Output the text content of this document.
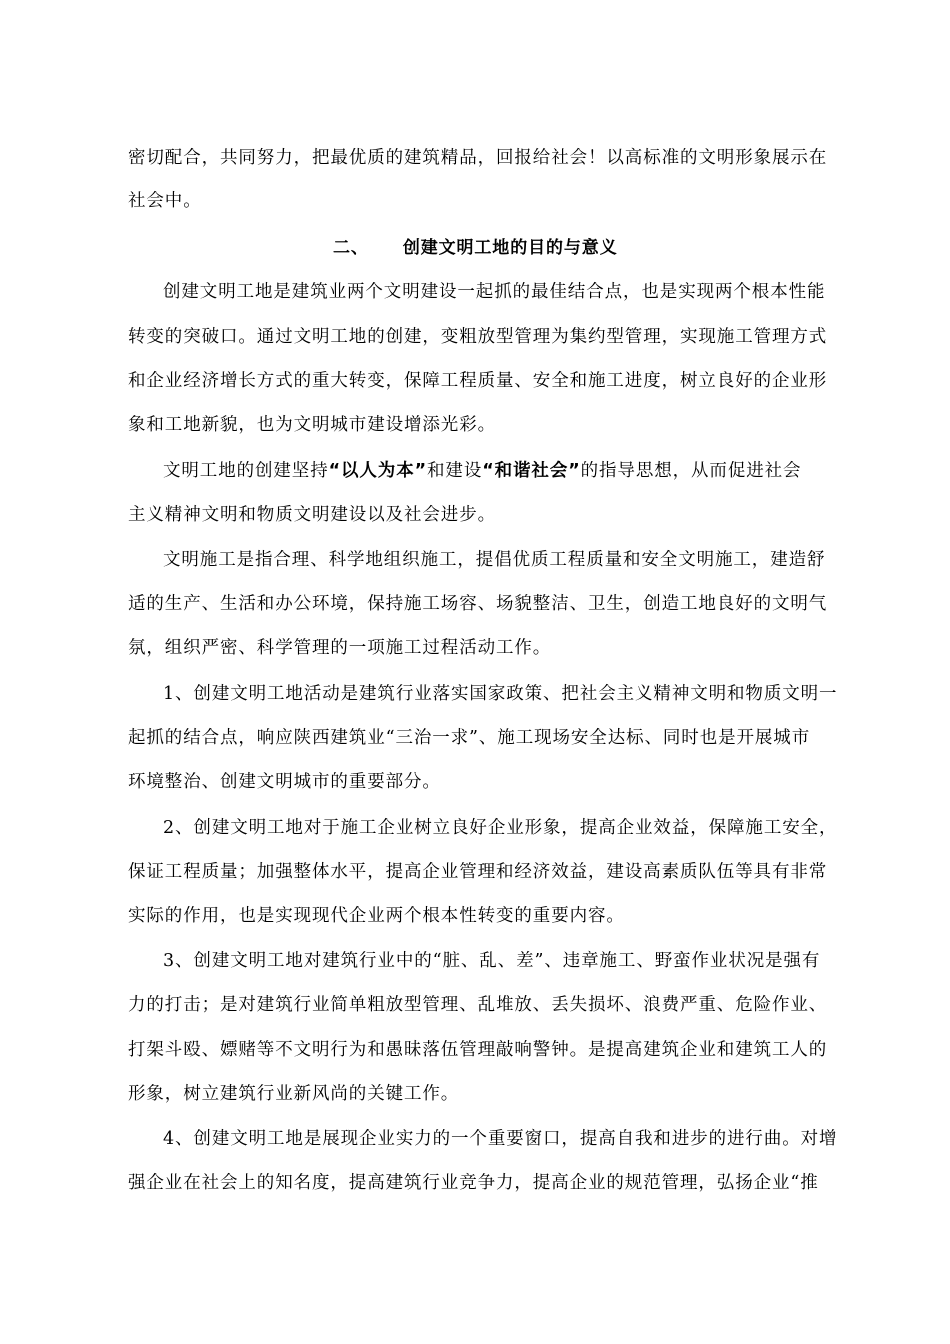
密切配合，共同努力，把最优质的建筑精品，回报给社会！以高标准的文明形象展示在
社会中。
二、 创建文明工地的目的与意义
创建文明工地是建筑业两个文明建设一起抓的最佳结合点，也是实现两个根本性能
转变的突破口。通过文明工地的创建，变粗放型管理为集约型管理，实现施工管理方式
和企业经济增长方式的重大转变，保障工程质量、安全和施工进度，树立良好的企业形
象和工地新貌，也为文明城市建设增添光彩。
文明工地的创建坚持“以人为本”和建设“和谐社会”的指导思想，从而促进社会
主义精神文明和物质文明建设以及社会进步。
文明施工是指合理、科学地组织施工，提倡优质工程质量和安全文明施工，建造舒
适的生产、生活和办公环境，保持施工场容、场貌整洁、卫生，创造工地良好的文明气
氛，组织严密、科学管理的一项施工过程活动工作。
1、创建文明工地活动是建筑行业落实国家政策、把社会主义精神文明和物质文明一
起抓的结合点，响应陕西建筑业“三治一求”、施工现场安全达标、同时也是开展城市
环境整治、创建文明城市的重要部分。
2、创建文明工地对于施工企业树立良好企业形象，提高企业效益，保障施工安全，
保证工程质量；加强整体水平，提高企业管理和经济效益，建设高素质队伍等具有非常
实际的作用，也是实现现代企业两个根本性转变的重要内容。
3、创建文明工地对建筑行业中的“脏、乱、差”、违章施工、野蛮作业状况是强有
力的打击；是对建筑行业简单粗放型管理、乱堆放、丢失损坏、浪费严重、危险作业、
打架斗殴、嫖赌等不文明行为和愚昧落伍管理敲响警钟。是提高建筑企业和建筑工人的
形象，树立建筑行业新风尚的关键工作。
4、创建文明工地是展现企业实力的一个重要窗口，提高自我和进步的进行曲。对增
强企业在社会上的知名度，提高建筑行业竞争力，提高企业的规范管理，弘扬企业“推
